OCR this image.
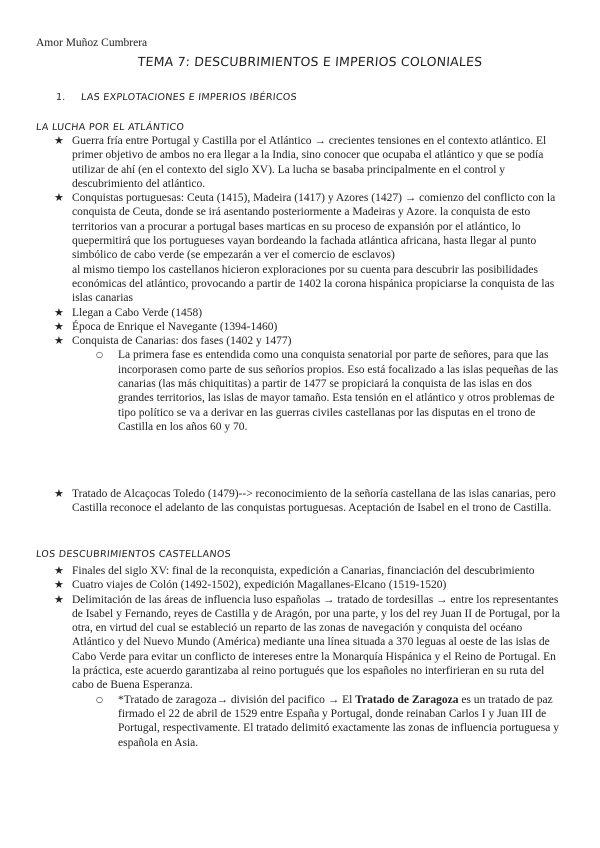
Amor Muñoz Cumbrera
TEMA 7: DESCUBRIMIENTOS E IMPERIOS COLONIALES
1. LAS EXPLOTACIONES E IMPERIOS IBÉRICOS
LA LUCHA POR EL ATLÁNTICO
★ Guerra fría entre Portugal y Castilla por el Atlántico → crecientes tensiones en el contexto atlántico. El primer objetivo de ambos no era llegar a la India, sino conocer que ocupaba el atlántico y que se podía utilizar de ahí (en el contexto del siglo XV). La lucha se basaba principalmente en el control y descubrimiento del atlántico.
★ Conquistas portuguesas: Ceuta (1415), Madeira (1417) y Azores (1427) → comienzo del conflicto con la conquista de Ceuta, donde se irá asentando posteriormente a Madeiras y Azore. la conquista de esto territorios van a procurar a portugal bases marticas en su proceso de expansión por el atlántico, lo quepermitirá que los portugueses vayan bordeando la fachada atlántica africana, hasta llegar al punto simbólico de cabo verde (se empezarán a ver el comercio de esclavos)
al mismo tiempo los castellanos hicieron exploraciones por su cuenta para descubrir las posibilidades económicas del atlántico, provocando a partir de 1402 la corona hispánica propiciarse la conquista de las islas canarias
★ Llegan a Cabo Verde (1458)
★ Época de Enrique el Navegante (1394-1460)
★ Conquista de Canarias: dos fases (1402 y 1477)
○ La primera fase es entendida como una conquista senatorial por parte de señores, para que las incorporasen como parte de sus señoríos propios. Eso está focalizado a las islas pequeñas de las canarias (las más chiquititas) a partir de 1477 se propiciará la conquista de las islas en dos grandes territorios, las islas de mayor tamaño. Esta tensión en el atlántico y otros problemas de tipo político se va a derivar en las guerras civiles castellanas por las disputas en el trono de Castilla en los años 60 y 70.
★ Tratado de Alcaçocas Toledo (1479)--> reconocimiento de la señoría castellana de las islas canarias, pero Castilla reconoce el adelanto de las conquistas portuguesas. Aceptación de Isabel en el trono de Castilla.
LOS DESCUBRIMIENTOS CASTELLANOS
★ Finales del siglo XV: final de la reconquista, expedición a Canarias, financiación del descubrimiento
★ Cuatro viajes de Colón (1492-1502), expedición Magallanes-Elcano (1519-1520)
★ Delimitación de las áreas de influencia luso españolas → tratado de tordesillas → entre los representantes de Isabel y Fernando, reyes de Castilla y de Aragón, por una parte, y los del rey Juan II de Portugal, por la otra, en virtud del cual se estableció un reparto de las zonas de navegación y conquista del océano Atlántico y del Nuevo Mundo (América) mediante una línea situada a 370 leguas al oeste de las islas de Cabo Verde para evitar un conflicto de intereses entre la Monarquía Hispánica y el Reino de Portugal. En la práctica, este acuerdo garantizaba al reino portugués que los españoles no interfirieran en su ruta del cabo de Buena Esperanza.
○ *Tratado de zaragoza→ división del pacifico → El Tratado de Zaragoza es un tratado de paz firmado el 22 de abril de 1529 entre España y Portugal, donde reinaban Carlos I y Juan III de Portugal, respectivamente. El tratado delimitó exactamente las zonas de influencia portuguesa y española en Asia.
